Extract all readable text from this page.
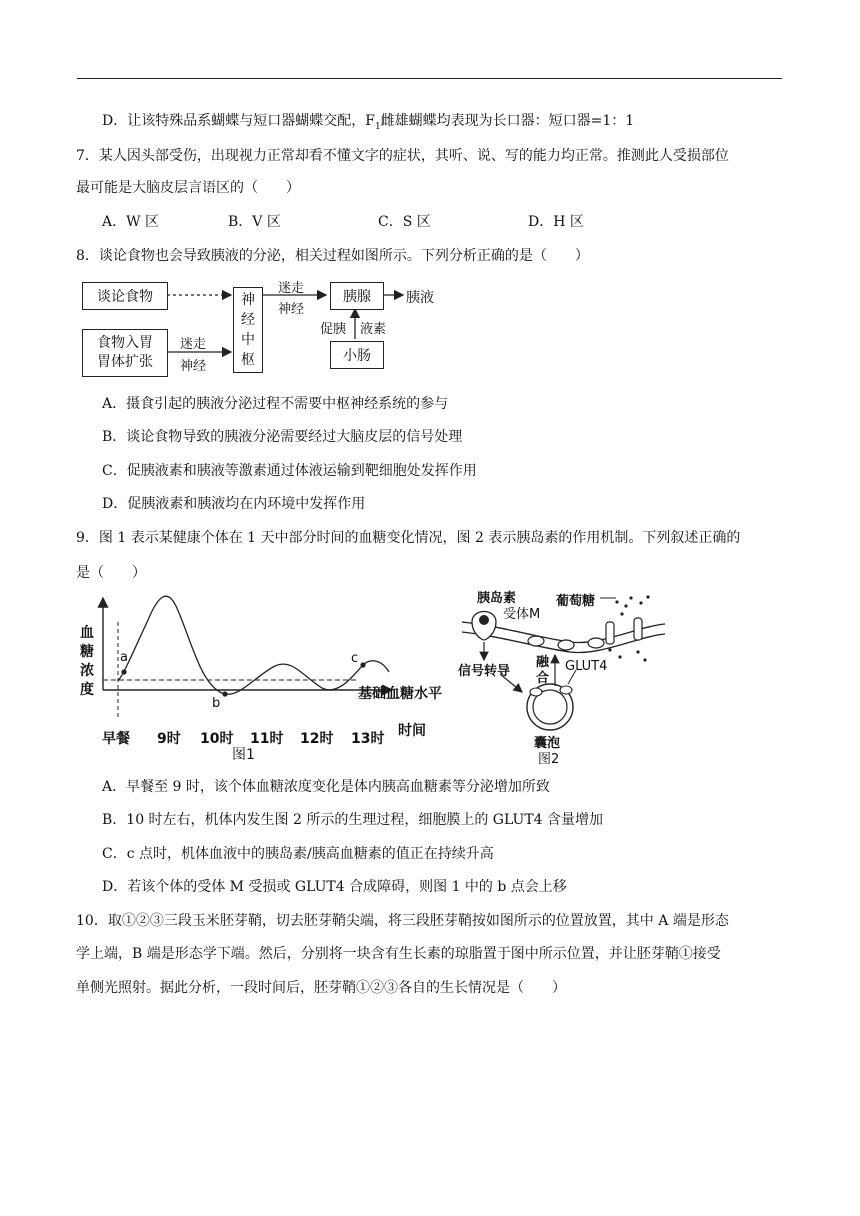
D．让该特殊品系蝴蝶与短口器蝴蝶交配，$F_1$雌雄蝴蝶均表现为长口器：短口器=1：1
7．某人因头部受伤，出现视力正常却看不懂文字的症状，其听、说、写的能力均正常。推测此人受损部位
最可能是大脑皮层言语区的（　　）
A．W 区	B．V 区	C．S 区	D．H 区
8．谈论食物也会导致胰液的分泌，相关过程如图所示。下列分析正确的是（　　）
谈论食物
食物入胃
胃体扩张
神
经
中
枢
迷走
神经
迷走
神经
胰腺	胰液
促胰 液素
小肠
A．摄食引起的胰液分泌过程不需要中枢神经系统的参与
B．谈论食物导致的胰液分泌需要经过大脑皮层的信号处理
C．促胰液素和胰液等激素通过体液运输到靶细胞处发挥作用
D．促胰液素和胰液均在内环境中发挥作用
9．图 1 表示某健康个体在 1 天中部分时间的血糖变化情况，图 2 表示胰岛素的作用机制。下列叙述正确的
是（　　）
血
糖
浓
度
a
b
c
基础血糖水平
早餐 9时 10时 11时 12时 13时 时间
图1
胰岛素
受体M
葡萄糖
信号转导
融
合
GLUT4
囊泡
图2
A．早餐至 9 时，该个体血糖浓度变化是体内胰高血糖素等分泌增加所致
B．10 时左右，机体内发生图 2 所示的生理过程，细胞膜上的 GLUT4 含量增加
C．c 点时，机体血液中的胰岛素/胰高血糖素的值正在持续升高
D．若该个体的受体 M 受损或 GLUT4 合成障碍，则图 1 中的 b 点会上移
10．取①②③三段玉米胚芽鞘，切去胚芽鞘尖端，将三段胚芽鞘按如图所示的位置放置，其中 A 端是形态
学上端，B 端是形态学下端。然后，分别将一块含有生长素的琼脂置于图中所示位置，并让胚芽鞘①接受
单侧光照射。据此分析，一段时间后，胚芽鞘①②③各自的生长情况是（　　）
